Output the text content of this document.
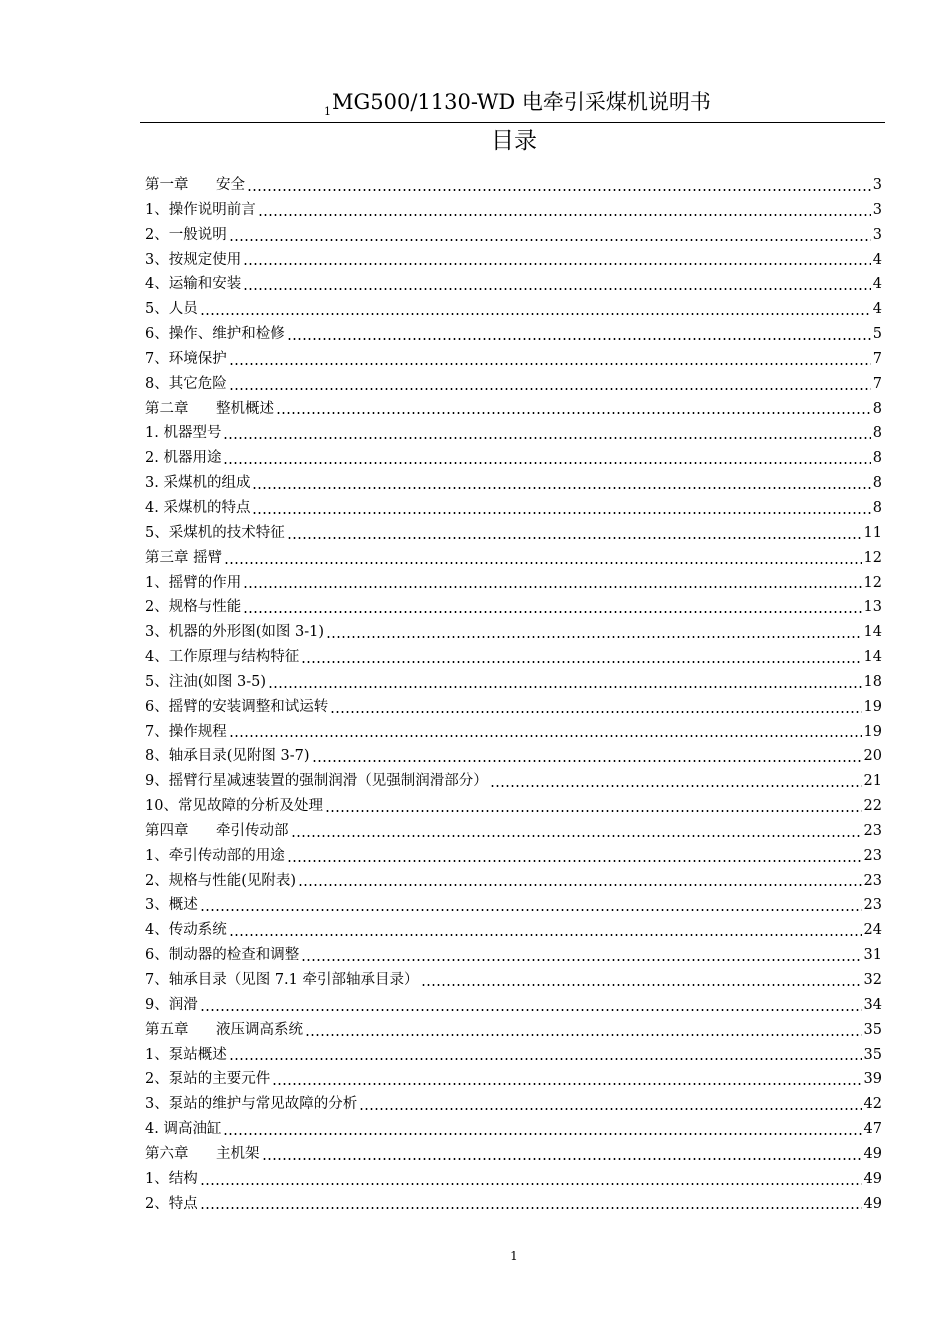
$_1$MG500/1130-WD 电牵引采煤机说明书
目录
第一章 安全	3
1、操作说明前言	3
2、一般说明	3
3、按规定使用	4
4、运输和安装	4
5、人员	4
6、操作、维护和检修	5
7、环境保护	7
8、其它危险	7
第二章 整机概述	8
1. 机器型号	8
2. 机器用途	8
3. 采煤机的组成	8
4. 采煤机的特点	8
5、采煤机的技术特征	11
第三章 摇臂	12
1、摇臂的作用	12
2、规格与性能	13
3、机器的外形图(如图 3-1)	14
4、工作原理与结构特征	14
5、注油(如图 3-5)	18
6、摇臂的安装调整和试运转	19
7、操作规程	19
8、轴承目录(见附图 3-7)	20
9、摇臂行星减速装置的强制润滑（见强制润滑部分）	21
10、常见故障的分析及处理	22
第四章 牵引传动部	23
1、牵引传动部的用途	23
2、规格与性能(见附表)	23
3、概述	23
4、传动系统	24
6、制动器的检查和调整	31
7、轴承目录（见图 7.1 牵引部轴承目录）	32
9、润滑	34
第五章 液压调高系统	35
1、泵站概述	35
2、泵站的主要元件	39
3、泵站的维护与常见故障的分析	42
4. 调高油缸	47
第六章 主机架	49
1、结构	49
2、特点	49
1
